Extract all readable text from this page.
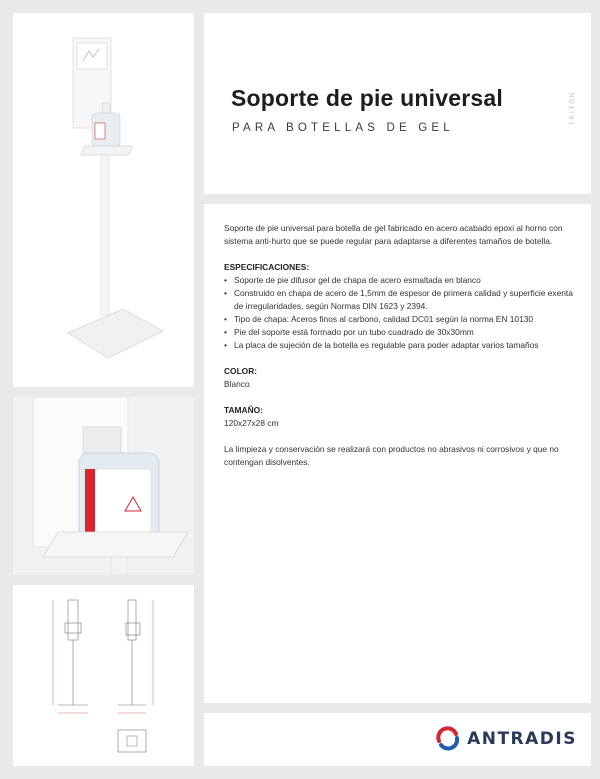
Soporte de pie universal
PARA BOTELLAS DE GEL
TRITON

Soporte de pie universal para botella de gel fabricado en acero acabado epoxi al horno con sistema anti-hurto que se puede regular para adaptarse a diferentes tamaños de botella.

ESPECIFICACIONES:
• Soporte de pie difusor gel de chapa de acero esmaltada en blanco
• Construido en chapa de acero de 1,5mm de espesor de primera calidad y superficie exenta de irregularidades, según Normas DIN 1623 y 2394.
• Tipo de chapa: Aceros finos al carbono, calidad DC01 según la norma EN 10130
• Pie del soporte está formado por un tubo cuadrado de 30x30mm
• La placa de sujeción de la botella es regulable para poder adaptar varios tamaños
COLOR:
Blanco
TAMAÑO:
120x27x28 cm

La limpieza y conservación se realizará con productos no abrasivos ni corrosivos y que no contengan disolventes.

ANTRADIS
